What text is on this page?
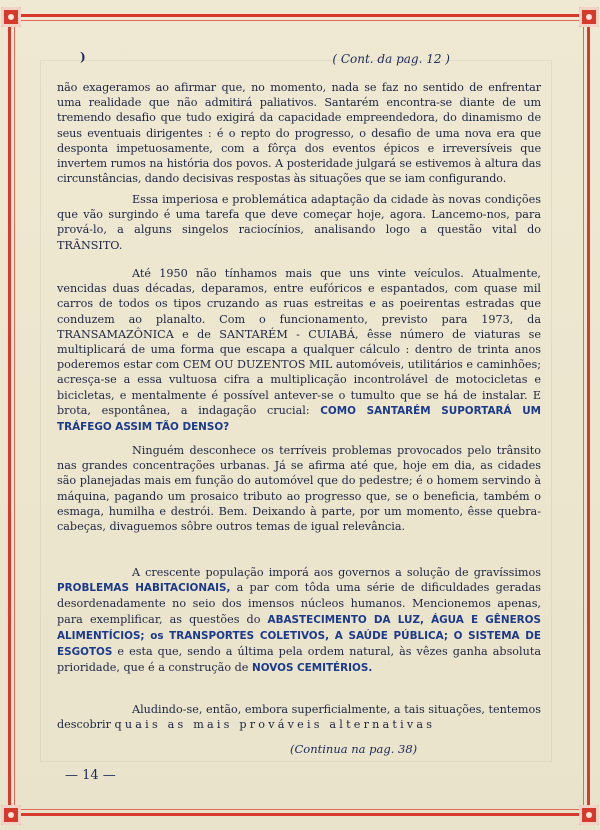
)	( Cont. da pag. 12 )

não exageramos ao afirmar que, no momento, nada se faz no sentido de enfrentar uma realidade que não admitirá paliativos. Santarém encontra-se diante de um tremendo desafio que tudo exigirá da capacidade empreendedora, do dinamismo de seus eventuais dirigentes : é o repto do progresso, o desafio de uma nova era que desponta impetuosamente, com a fôrça dos eventos épicos e irreversíveis que invertem rumos na história dos povos. A posteridade julgará se estivemos à altura das circunstâncias, dando decisivas respostas às situações que se iam configurando.

Essa imperiosa e problemática adaptação da cidade às novas condições que vão surgindo é uma tarefa que deve começar hoje, agora. Lancemo-nos, para prová-lo, a alguns singelos raciocínios, analisando logo a questão vital do TRÂNSITO.

Até 1950 não tínhamos mais que uns vinte veículos. Atualmente, vencidas duas décadas, deparamos, entre eufóricos e espantados, com quase mil carros de todos os tipos cruzando as ruas estreitas e as poeirentas estradas que conduzem ao planalto. Com o funcionamento, previsto para 1973, da TRANSAMAZÔNICA e de SANTARÉM - CUIABÁ, êsse número de viaturas se multiplicará de uma forma que escapa a qualquer cálculo : dentro de trinta anos poderemos estar com CEM OU DUZENTOS MIL automóveis, utilitários e caminhões; acresça-se a essa vultuosa cifra a multiplicação incontrolável de motocicletas e bicicletas, e mentalmente é possível antever-se o tumulto que se há de instalar. E brota, espontânea, a indagação crucial: COMO SANTARÉM SUPORTARÁ UM TRÁFEGO ASSIM TÃO DENSO?

Ninguém desconhece os terríveis problemas provocados pelo trânsito nas grandes concentrações urbanas. Já se afirma até que, hoje em dia, as cidades são planejadas mais em função do automóvel que do pedestre; é o homem servindo à máquina, pagando um prosaico tributo ao progresso que, se o beneficia, também o esmaga, humilha e destrói. Bem. Deixando à parte, por um momento, êsse quebra-cabeças, divaguemos sôbre outros temas de igual relevância.

A crescente população imporá aos governos a solução de gravíssimos PROBLEMAS HABITACIONAIS, a par com tôda uma série de dificuldades geradas desordenadamente no seio dos imensos núcleos humanos. Mencionemos apenas, para exemplificar, as questões do ABASTECIMENTO DA LUZ, ÁGUA E GÊNEROS ALIMENTÍCIOS; os TRANSPORTES COLETIVOS, A SAÚDE PÚBLICA; O SISTEMA DE ESGOTOS e esta que, sendo a última pela ordem natural, às vêzes ganha absoluta prioridade, que é a construção de NOVOS CEMITÉRIOS.

Aludindo-se, então, embora superficialmente, a tais situações, tentemos descobrir quais as mais prováveis alternativas

(Continua na pag. 38)
— 14 —
